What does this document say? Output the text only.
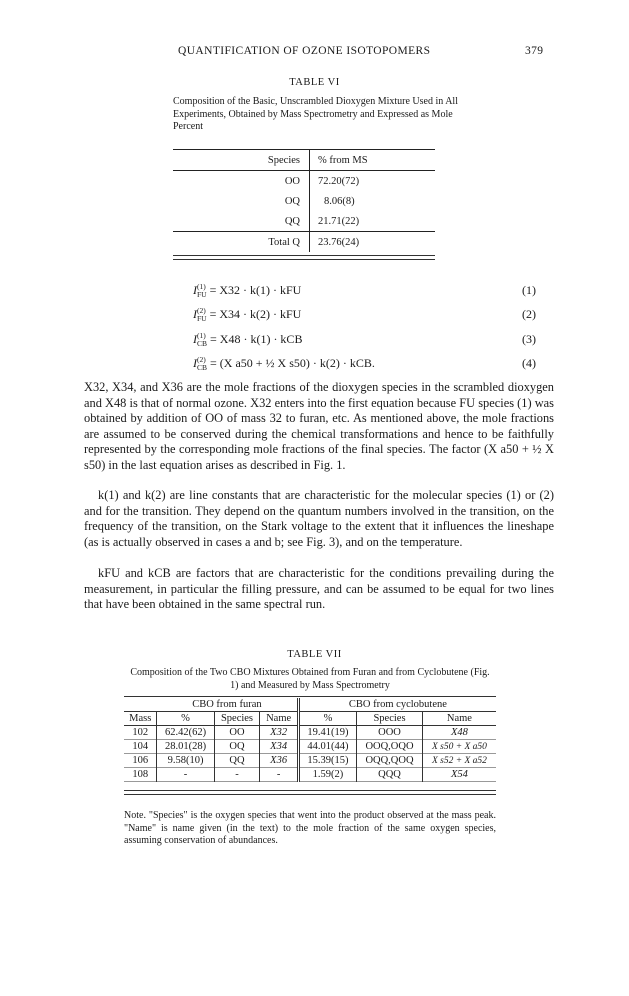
QUANTIFICATION OF OZONE ISOTOPOMERS	379
TABLE VI
Composition of the Basic, Unscrambled Dioxygen Mixture Used in All Experiments, Obtained by Mass Spectrometry and Expressed as Mole Percent
Species	% from MS
OO	72.20(72)
OQ	8.06(8)
QQ	21.71(22)
Total Q	23.76(24)
I(1)
FU = X32 · k(1) · kFU	(1)
I(2)
FU = X34 · k(2) · kFU	(2)
I(1)
CB = X48 · k(1) · kCB	(3)
I(2)
CB = (X a50 + ½ X s50) · k(2) · kCB.	(4)

X32, X34, and X36 are the mole fractions of the dioxygen species in the scrambled dioxygen and X48 is that of normal ozone. X32 enters into the first equation because FU species (1) was obtained by addition of OO of mass 32 to furan, etc. As mentioned above, the mole fractions are assumed to be conserved during the chemical transformations and hence to be faithfully represented by the corresponding mole fractions of the final species. The factor (X a50 + ½ X s50) in the last equation arises as described in Fig. 1.

k(1) and k(2) are line constants that are characteristic for the molecular species (1) or (2) and for the transition. They depend on the quantum numbers involved in the transition, on the frequency of the transition, on the Stark voltage to the extent that it influences the lineshape (as is actually observed in cases a and b; see Fig. 3), and on the temperature.

kFU and kCB are factors that are characteristic for the conditions prevailing during the measurement, in particular the filling pressure, and can be assumed to be equal for two lines that have been obtained in the same spectral run.

TABLE VII
Composition of the Two CBO Mixtures Obtained from Furan and from Cyclobutene (Fig. 1) and Measured by Mass Spectrometry
	CBO from furan			CBO from cyclobutene		
Mass	%	Species	Name	%	Species	Name
102	62.42(62)	OO	X32	19.41(19)	OOO	X48
104	28.01(28)	OQ	X34	44.01(44)	OOQ,OQO	X s50 + X a50
106	9.58(10)	QQ	X36	15.39(15)	OQQ,QOQ	X s52 + X a52
108	-	-	-	1.59(2)	QQQ	X54
Note. "Species" is the oxygen species that went into the product observed at the mass peak. "Name" is name given (in the text) to the mole fraction of the same oxygen species, assuming conservation of abundances.
